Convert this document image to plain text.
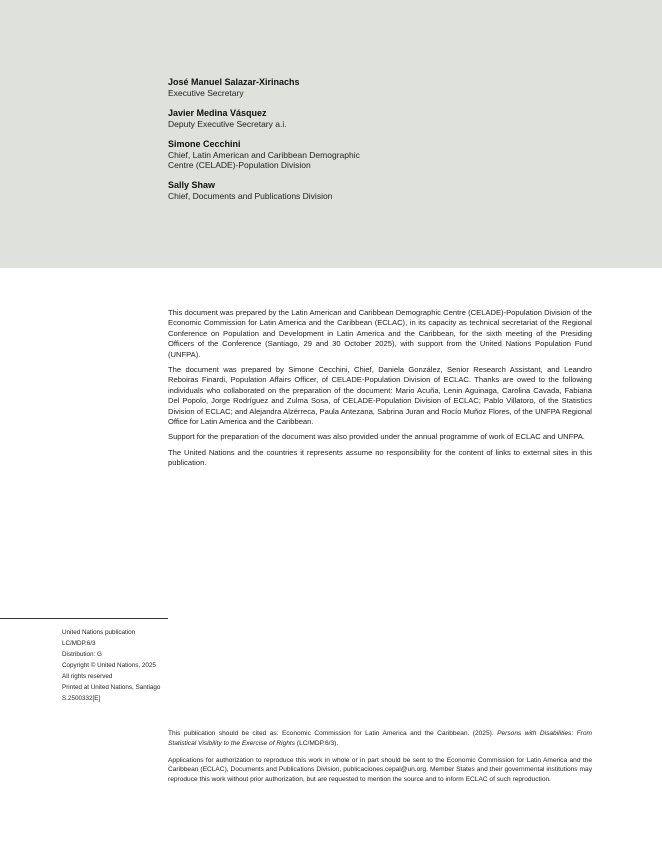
José Manuel Salazar-Xirinachs
Executive Secretary
Javier Medina Vásquez
Deputy Executive Secretary a.i.
Simone Cecchini
Chief, Latin American and Caribbean Demographic
Centre (CELADE)-Population Division
Sally Shaw
Chief, Documents and Publications Division

This document was prepared by the Latin American and Caribbean Demographic Centre (CELADE)-Population Division of the Economic Commission for Latin America and the Caribbean (ECLAC), in its capacity as technical secretariat of the Regional Conference on Population and Development in Latin America and the Caribbean, for the sixth meeting of the Presiding Officers of the Conference (Santiago, 29 and 30 October 2025), with support from the United Nations Population Fund (UNFPA).

The document was prepared by Simone Cecchini, Chief, Daniela González, Senior Research Assistant, and Leandro Reboiras Finardi, Population Affairs Officer, of CELADE-Population Division of ECLAC. Thanks are owed to the following individuals who collaborated on the preparation of the document: Mario Acuña, Lenin Aguinaga, Carolina Cavada, Fabiana Del Popolo, Jorge Rodríguez and Zulma Sosa, of CELADE-Population Division of ECLAC; Pablo Villatoro, of the Statistics Division of ECLAC; and Alejandra Alzérreca, Paula Antezana, Sabrina Juran and Rocío Muñoz Flores, of the UNFPA Regional Office for Latin America and the Caribbean.

Support for the preparation of the document was also provided under the annual programme of work of ECLAC and UNFPA.

The United Nations and the countries it represents assume no responsibility for the content of links to external sites in this publication.

United Nations publication
LC/MDP.6/3
Distribution: G
Copyright © United Nations, 2025
All rights reserved
Printed at United Nations, Santiago
S.2500332[E]

This publication should be cited as: Economic Commission for Latin America and the Caribbean. (2025). Persons with Disabilities: From Statistical Visibility to the Exercise of Rights (LC/MDP.6/3).

Applications for authorization to reproduce this work in whole or in part should be sent to the Economic Commission for Latin America and the Caribbean (ECLAC), Documents and Publications Division, publicaciones.cepal@un.org. Member States and their governmental institutions may reproduce this work without prior authorization, but are requested to mention the source and to inform ECLAC of such reproduction.
